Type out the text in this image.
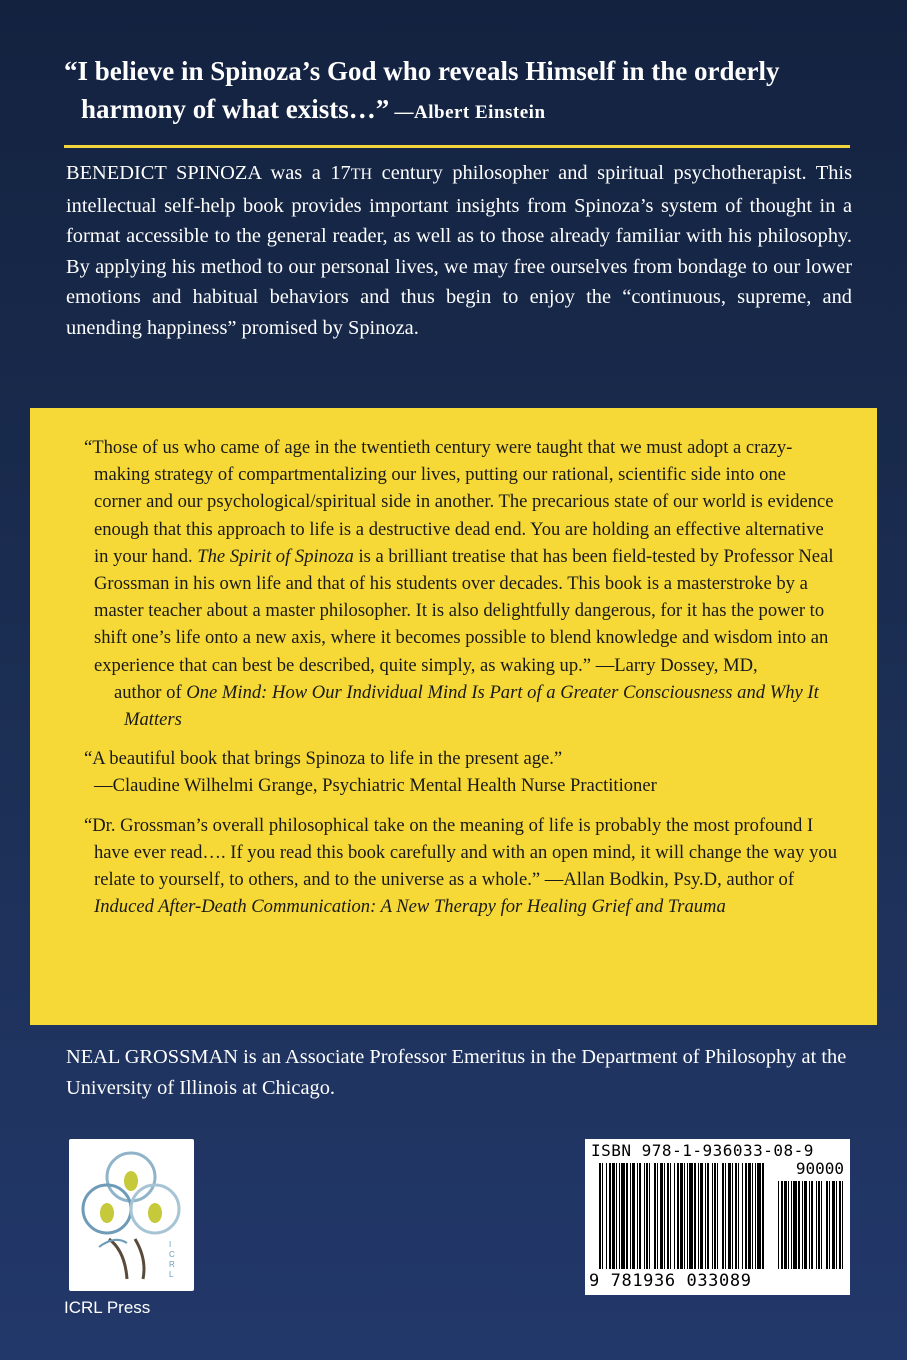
“I believe in Spinoza’s God who reveals Himself in the orderly
harmony of what exists…” —Albert Einstein

BENEDICT SPINOZA was a 17TH century philosopher and spiritual psychotherapist. This intellectual self-help book provides important insights from Spinoza’s system of thought in a format accessible to the general reader, as well as to those already familiar with his philosophy. By applying his method to our personal lives, we may free ourselves from bondage to our lower emotions and habitual behaviors and thus begin to enjoy the “continuous, supreme, and unending happiness” promised by Spinoza.

“Those of us who came of age in the twentieth century were taught that we must adopt a crazy-making strategy of compartmentalizing our lives, putting our rational, scientific side into one corner and our psychological/spiritual side in another. The precarious state of our world is evidence enough that this approach to life is a destructive dead end. You are holding an effective alternative in your hand. The Spirit of Spinoza is a brilliant treatise that has been field-tested by Professor Neal Grossman in his own life and that of his students over decades. This book is a masterstroke by a master teacher about a master philosopher. It is also delightfully dangerous, for it has the power to shift one’s life onto a new axis, where it becomes possible to blend knowledge and wisdom into an experience that can best be described, quite simply, as waking up.” —Larry Dossey, MD,
author of One Mind: How Our Individual Mind Is Part of a Greater Consciousness and Why It Matters

“A beautiful book that brings Spinoza to life in the present age.”
—Claudine Wilhelmi Grange, Psychiatric Mental Health Nurse Practitioner

“Dr. Grossman’s overall philosophical take on the meaning of life is probably the most profound I have ever read…. If you read this book carefully and with an open mind, it will change the way you relate to yourself, to others, and to the universe as a whole.” —Allan Bodkin, Psy.D, author of Induced After-Death Communication: A New Therapy for Healing Grief and Trauma

NEAL GROSSMAN is an Associate Professor Emeritus in the Department of Philosophy at the University of Illinois at Chicago.
I
C
R
L
ICRL Press
ISBN 978-1-936033-08-9
90000
9 781936 033089
